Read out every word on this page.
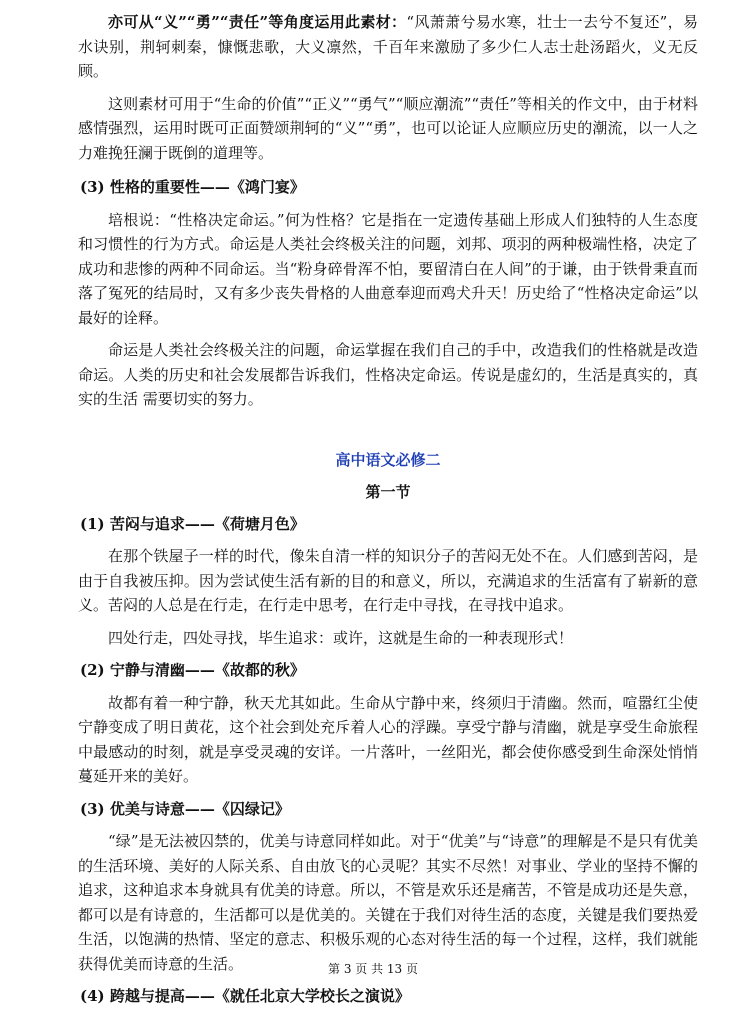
亦可从“义”“勇”“责任”等角度运用此素材：“风萧萧兮易水寒，壮士一去兮不复还”，易水诀别，荆轲刺秦，慷慨悲歌，大义凛然，千百年来激励了多少仁人志士赴汤蹈火，义无反顾。

这则素材可用于“生命的价值”“正义”“勇气”“顺应潮流”“责任”等相关的作文中，由于材料感情强烈，运用时既可正面赞颂荆轲的“义”“勇”，也可以论证人应顺应历史的潮流，以一人之力难挽狂澜于既倒的道理等。

(3) 性格的重要性——《鸿门宴》

培根说：“性格决定命运。”何为性格？它是指在一定遗传基础上形成人们独特的人生态度和习惯性的行为方式。命运是人类社会终极关注的问题，刘邦、项羽的两种极端性格，决定了成功和悲惨的两种不同命运。当“粉身碎骨浑不怕，要留清白在人间”的于谦，由于铁骨秉直而落了冤死的结局时，又有多少丧失骨格的人曲意奉迎而鸡犬升天！历史给了“性格决定命运”以最好的诠释。

命运是人类社会终极关注的问题，命运掌握在我们自己的手中，改造我们的性格就是改造命运。人类的历史和社会发展都告诉我们，性格决定命运。传说是虚幻的，生活是真实的，真实的生活 需要切实的努力。

高中语文必修二

第一节

(1) 苦闷与追求——《荷塘月色》

在那个铁屋子一样的时代，像朱自清一样的知识分子的苦闷无处不在。人们感到苦闷，是由于自我被压抑。因为尝试使生活有新的目的和意义，所以，充满追求的生活富有了崭新的意义。苦闷的人总是在行走，在行走中思考，在行走中寻找，在寻找中追求。

四处行走，四处寻找，毕生追求：或许，这就是生命的一种表现形式！

(2) 宁静与清幽——《故都的秋》

故都有着一种宁静，秋天尤其如此。生命从宁静中来，终须归于清幽。然而，喧嚣红尘使宁静变成了明日黄花，这个社会到处充斥着人心的浮躁。享受宁静与清幽，就是享受生命旅程中最感动的时刻，就是享受灵魂的安详。一片落叶，一丝阳光，都会使你感受到生命深处悄悄蔓延开来的美好。

(3) 优美与诗意——《囚绿记》

“绿”是无法被囚禁的，优美与诗意同样如此。对于“优美”与“诗意”的理解是不是只有优美的生活环境、美好的人际关系、自由放飞的心灵呢？其实不尽然！对事业、学业的坚持不懈的追求，这种追求本身就具有优美的诗意。所以，不管是欢乐还是痛苦，不管是成功还是失意，都可以是有诗意的，生活都可以是优美的。关键在于我们对待生活的态度，关键是我们要热爱生活，以饱满的热情、坚定的意志、积极乐观的心态对待生活的每一个过程，这样，我们就能获得优美而诗意的生活。

(4) 跨越与提高——《就任北京大学校长之演说》

第 3 页 共 13 页
